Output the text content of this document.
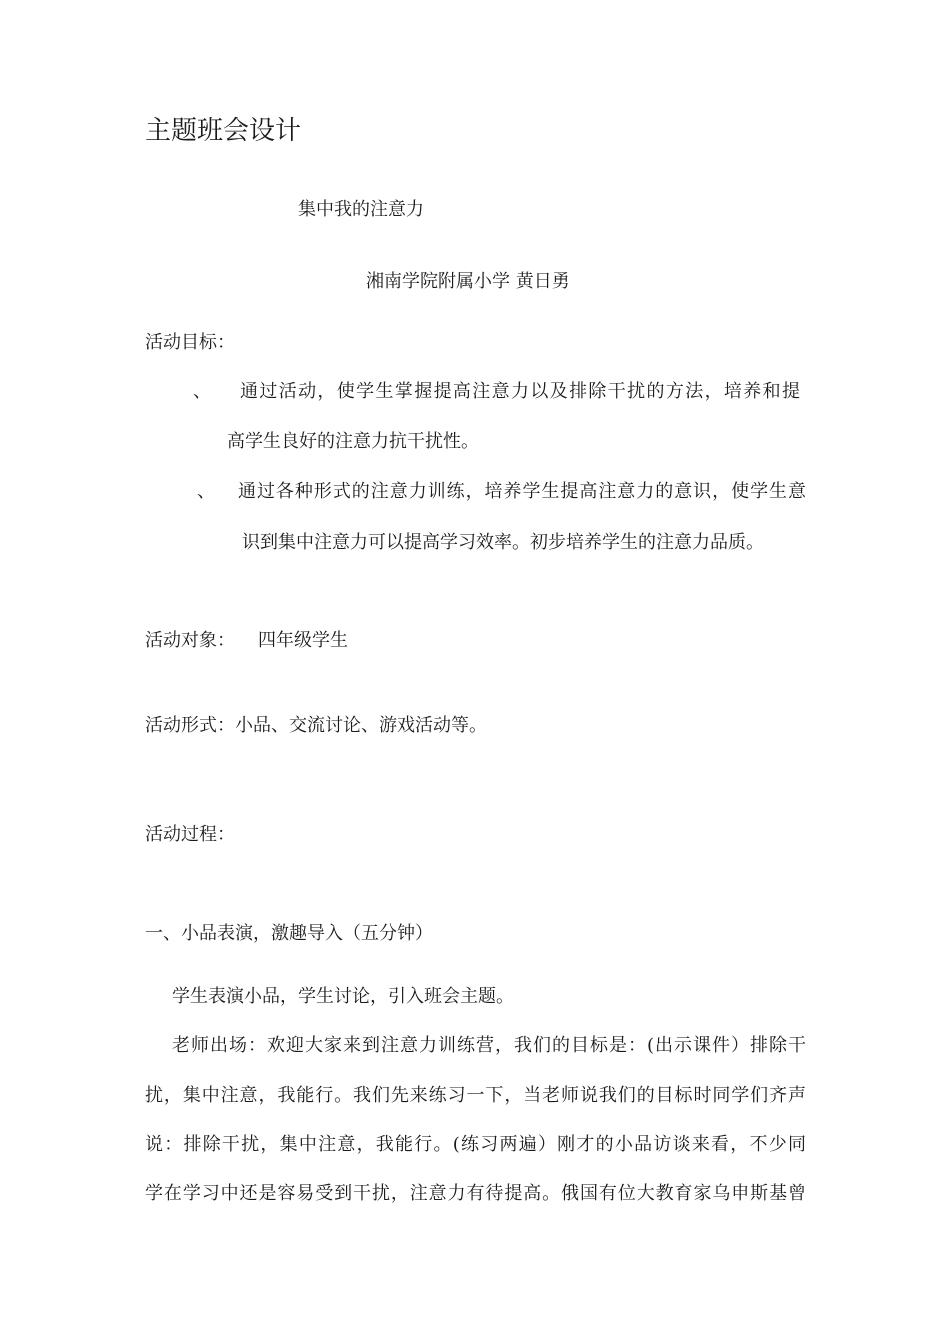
主题班会设计
集中我的注意力
湘南学院附属小学 黄日勇
活动目标：
、 通过活动，使学生掌握提高注意力以及排除干扰的方法，培养和提
高学生良好的注意力抗干扰性。
、 通过各种形式的注意力训练，培养学生提高注意力的意识，使学生意
识到集中注意力可以提高学习效率。初步培养学生的注意力品质。
活动对象： 四年级学生
活动形式：小品、交流讨论、游戏活动等。
活动过程：
一、小品表演，激趣导入（五分钟）
学生表演小品，学生讨论，引入班会主题。
老师出场：欢迎大家来到注意力训练营，我们的目标是：(出示课件）排除干
扰，集中注意，我能行。我们先来练习一下，当老师说我们的目标时同学们齐声
说：排除干扰，集中注意，我能行。(练习两遍）刚才的小品访谈来看，不少同
学在学习中还是容易受到干扰，注意力有待提高。俄国有位大教育家乌申斯基曾
